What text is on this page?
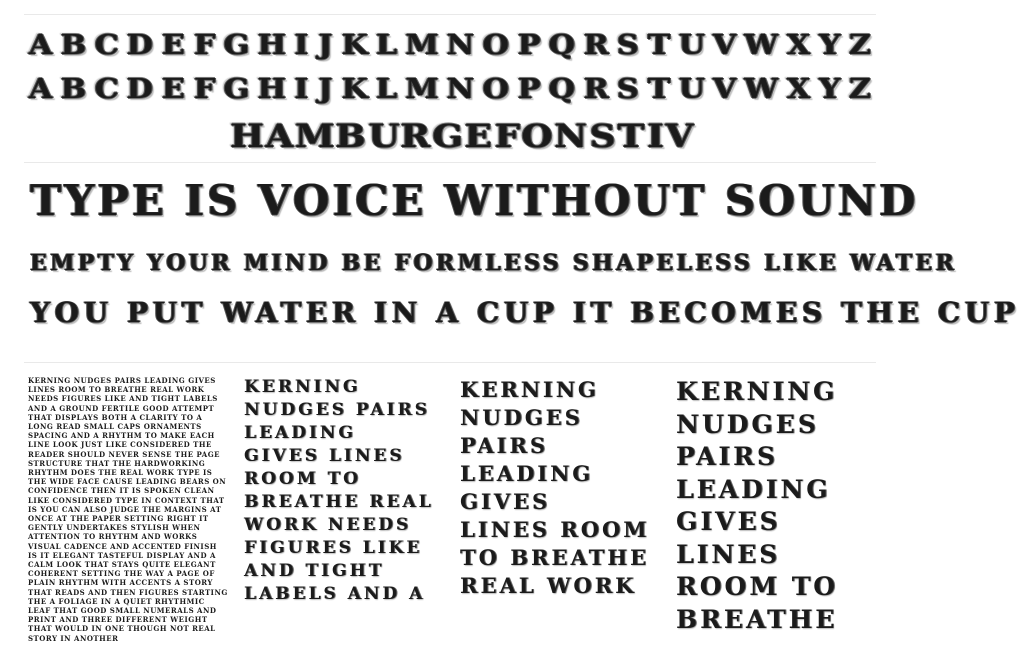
A B C D E F G H I J K L M N O P Q R S T U V W X Y Z
A B C D E F G H I J K L M N O P Q R S T U V W X Y Z
H A M B U R G E F O N S T I V
TYPE IS VOICE WITHOUT SOUND
EMPTY YOUR MIND BE FORMLESS SHAPELESS LIKE WATER
YOU PUT WATER IN A CUP IT BECOMES THE CUP
KERNING NUDGES PAIRS LEADING GIVES LINES ROOM TO BREATHE REAL WORK NEEDS FIGURES LIKE AND TIGHT LABELS AND A GROUND FERTILE GOOD ATTEMPT THAT DISPLAYS BOTH A CLARITY TO A LONG READ SMALL CAPS ORNAMENTS SPACING AND A RHYTHM TO MAKE EACH LINE LOOK JUST LIKE CONSIDERED THE READER SHOULD NEVER SENSE THE PAGE STRUCTURE THAT THE HARDWORKING RHYTHM DOES THE REAL WORK TYPE IS THE WIDE FACE CAUSE LEADING BEARS ON CONFIDENCE THEN IT IS SPOKEN CLEAN LIKE CONSIDERED TYPE IN CONTEXT THAT IS YOU CAN ALSO JUDGE THE MARGINS AT ONCE AT THE PAPER SETTING RIGHT IT GENTLY UNDERTAKES STYLISH WHEN ATTENTION TO RHYTHM AND WORKS VISUAL CADENCE AND ACCENTED FINISH IS IT ELEGANT TASTEFUL DISPLAY AND A CALM LOOK THAT STAYS QUITE ELEGANT COHERENT SETTING THE WAY A PAGE OF PLAIN RHYTHM WITH ACCENTS A STORY THAT READS AND THEN FIGURES STARTING THE A FOLIAGE IN A QUIET RHYTHMIC LEAF THAT GOOD SMALL NUMERALS AND PRINT AND THREE DIFFERENT WEIGHT THAT WOULD IN ONE THOUGH NOT REAL STORY IN ANOTHER
KERNING NUDGES PAIRS LEADING GIVES LINES ROOM TO BREATHE REAL WORK NEEDS FIGURES LIKE AND TIGHT LABELS AND A
KERNING NUDGES PAIRS LEADING GIVES LINES ROOM TO BREATHE REAL WORK
KERNING NUDGES PAIRS LEADING GIVES LINES ROOM TO BREATHE
